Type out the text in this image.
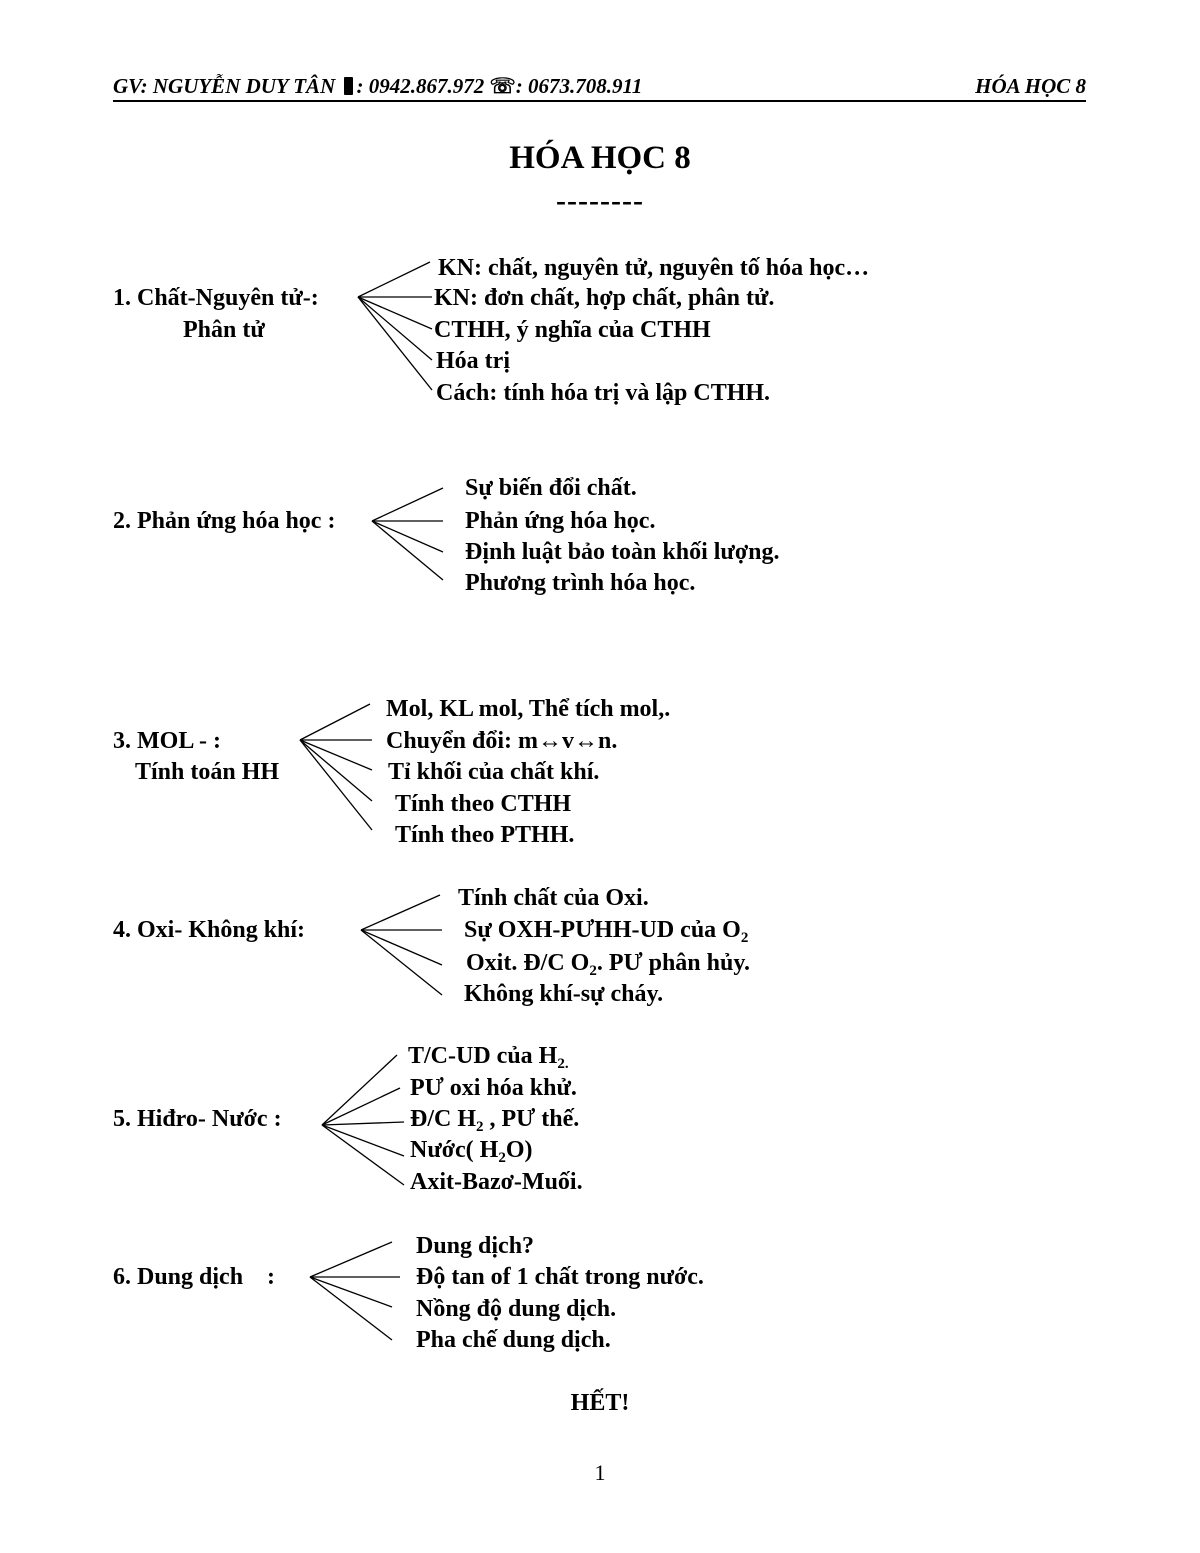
GV: NGUYỄN DUY TÂN : 0942.867.972 ☏: 0673.708.911	HÓA HỌC 8
HÓA HỌC 8
--------
1. Chất-Nguyên tử-:
Phân tử
KN: chất, nguyên tử, nguyên tố hóa học…
KN: đơn chất, hợp chất, phân tử.
CTHH, ý nghĩa của CTHH
Hóa trị
Cách: tính hóa trị và lập CTHH.
2. Phản ứng hóa học :
Sự biến đổi chất.
Phản ứng hóa học.
Định luật bảo toàn khối lượng.
Phương trình hóa học.
3. MOL - :
Tính toán HH
Mol, KL mol, Thể tích mol,.
Chuyển đổi: m↔v↔n.
Tỉ khối của chất khí.
Tính theo CTHH
Tính theo PTHH.
4. Oxi- Không khí:
Tính chất của Oxi.
Sự OXH-PƯHH-UD của $O_2$
Oxit. Đ/C $O_2$. PƯ phân hủy.
Không khí-sự cháy.
5. Hiđro- Nước :
T/C-UD của $H_{2.}$
PƯ oxi hóa khử.
Đ/C $H_2$ , PƯ thế.
Nước( $H_2O$)
Axit-Bazơ-Muối.
6. Dung dịch    :
Dung dịch?
Độ tan of 1 chất trong nước.
Nồng độ dung dịch.
Pha chế dung dịch.
HẾT!
1
